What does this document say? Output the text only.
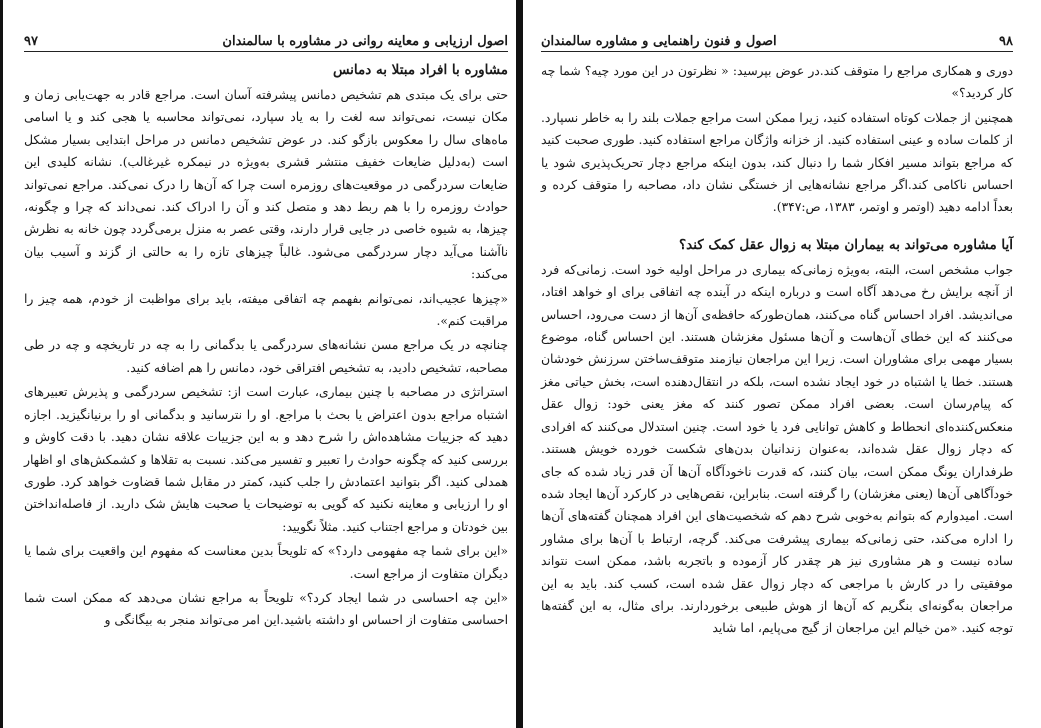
اصول ارزیابی و معاینه روانی در مشاوره با سالمندان
۹۷
مشاوره با افراد مبتلا به دمانس

حتی برای یک مبتدی هم تشخیص دمانس پیشرفته آسان است. مراجع قادر به جهت‌یابی زمان و مکان نیست، نمی‌تواند سه لغت را به یاد سپارد، نمی‌تواند محاسبه یا هجی کند و یا اسامی ماه‌های سال را معکوس بازگو کند. در عوض تشخیص دمانس در مراحل ابتدایی بسیار مشکل است (به‌دلیل ضایعات خفیف منتشر قشری به‌ویژه در نیمکره غیرغالب). نشانه کلیدی این ضایعات سردرگمی در موقعیت‌های روزمره است چرا که آن‌ها را درک نمی‌کند. مراجع نمی‌تواند حوادث روزمره را با هم ربط دهد و متصل کند و آن را ادراک کند. نمی‌داند که چرا و چگونه، چیزها، به شیوه خاصی در جایی قرار دارند، وقتی عصر به منزل برمی‌گردد چون خانه به نظرش ناآشنا می‌آید دچار سردرگمی می‌شود. غالباً چیزهای تازه را به حالتی از گزند و آسیب بیان می‌کند:

«چیزها عجیب‌اند، نمی‌توانم بفهمم چه اتفاقی میفته، باید برای مواظبت از خودم، همه چیز را مراقبت کنم».

چنانچه در یک مراجع مسن نشانه‌های سردرگمی یا بدگمانی را به چه در تاریخچه و چه در طی مصاحبه، تشخیص دادید، به تشخیص افتراقی خود، دمانس را هم اضافه کنید.

استراتژی در مصاحبه با چنین بیماری، عبارت است از: تشخیص سردرگمی و پذیرش تعبیرهای اشتباه مراجع بدون اعتراض یا بحث با مراجع. او را نترسانید و بدگمانی او را برنیانگیزید. اجازه دهید که جزییات مشاهده‌اش را شرح دهد و به این جزییات علاقه نشان دهید. با دقت کاوش و بررسی کنید که چگونه حوادث را تعبیر و تفسیر می‌کند. نسبت به تقلاها و کشمکش‌های او اظهار همدلی کنید. اگر بتوانید اعتمادش را جلب کنید، کمتر در مقابل شما قضاوت خواهد کرد. طوری او را ارزیابی و معاینه نکنید که گویی به توضیحات یا صحبت هایش شک دارید. از فاصله‌انداختن بین خودتان و مراجع اجتناب کنید. مثلاً نگویید:

«این برای شما چه مفهومی دارد؟» که تلویحاً بدین معناست که مفهوم این واقعیت برای شما یا دیگران متفاوت از مراجع است.

«این چه احساسی در شما ایجاد کرد؟» تلویحاً به مراجع نشان می‌دهد که ممکن است شما احساسی متفاوت از احساس او داشته باشید.این امر می‌تواند منجر به بیگانگی و

۹۸
اصول و فنون راهنمایی و مشاوره سالمندان

دوری و همکاری مراجع را متوقف کند.در عوض بپرسید: « نظرتون در این مورد چیه؟ شما چه کار کردید؟»

همچنین از جملات کوتاه استفاده کنید، زیرا ممکن است مراجع جملات بلند را به خاطر نسپارد. از کلمات ساده و عینی استفاده کنید. از خزانه واژگان مراجع استفاده کنید. طوری صحبت کنید که مراجع بتواند مسیر افکار شما را دنبال کند، بدون اینکه مراجع دچار تحریک‌پذیری شود یا احساس ناکامی کند.اگر مراجع نشانه‌هایی از خستگی نشان داد، مصاحبه را متوقف کرده و بعداً ادامه دهید (اوتمر و اوتمر، ۱۳۸۳، ص:۳۴۷).

آیا مشاوره می‌تواند به بیماران مبتلا به زوال عقل کمک کند؟

جواب مشخص است، البته، به‌ویژه زمانی‌که بیماری در مراحل اولیه خود است. زمانی‌که فرد از آنچه برایش رخ می‌دهد آگاه است و درباره اینکه در آینده چه اتفاقی برای او خواهد افتاد، می‌اندیشد. افراد احساس گناه می‌کنند، همان‌طورکه حافظه‌ی آن‌ها از دست می‌رود، احساس می‌کنند که این خطای آن‌هاست و آن‌ها مسئول مغزشان هستند. این احساس گناه، موضوع بسیار مهمی برای مشاوران است. زیرا این مراجعان نیازمند متوقف‌ساختن سرزنش خودشان هستند. خطا یا اشتباه در خود ایجاد نشده است، بلکه در انتقال‌دهنده است، بخش حیاتی مغز که پیام‌رسان است. بعضی افراد ممکن تصور کنند که مغز یعنی خود: زوال عقل منعکس‌کننده‌ای انحطاط و کاهش توانایی فرد یا خود است. چنین استدلال می‌کنند که افرادی که دچار زوال عقل شده‌اند، به‌عنوان زندانیان بدن‌های شکست خورده خویش هستند. طرفداران یونگ ممکن است، بیان کنند، که قدرت ناخودآگاه آن‌ها آن قدر زیاد شده که جای خودآگاهی آن‌ها (یعنی مغزشان) را گرفته است. بنابراین، نقص‌هایی در کارکرد آن‌ها ایجاد شده است. امیدوارم که بتوانم به‌خوبی شرح دهم که شخصیت‌های این افراد همچنان گفته‌های آن‌ها را اداره می‌کند، حتی زمانی‌که بیماری پیشرفت می‌کند. گرچه، ارتباط با آن‌ها برای مشاور ساده نیست و هر مشاوری نیز هر چقدر کار آزموده و باتجربه باشد، ممکن است نتواند موفقیتی را در کارش با مراجعی که دچار زوال عقل شده است، کسب کند. باید به این مراجعان به‌گونه‌ای بنگریم که آن‌ها از هوش طبیعی برخوردارند. برای مثال، به این گفته‌ها توجه کنید. «من خیالم این مراجعان از گیج می‌پایم، اما شاید
